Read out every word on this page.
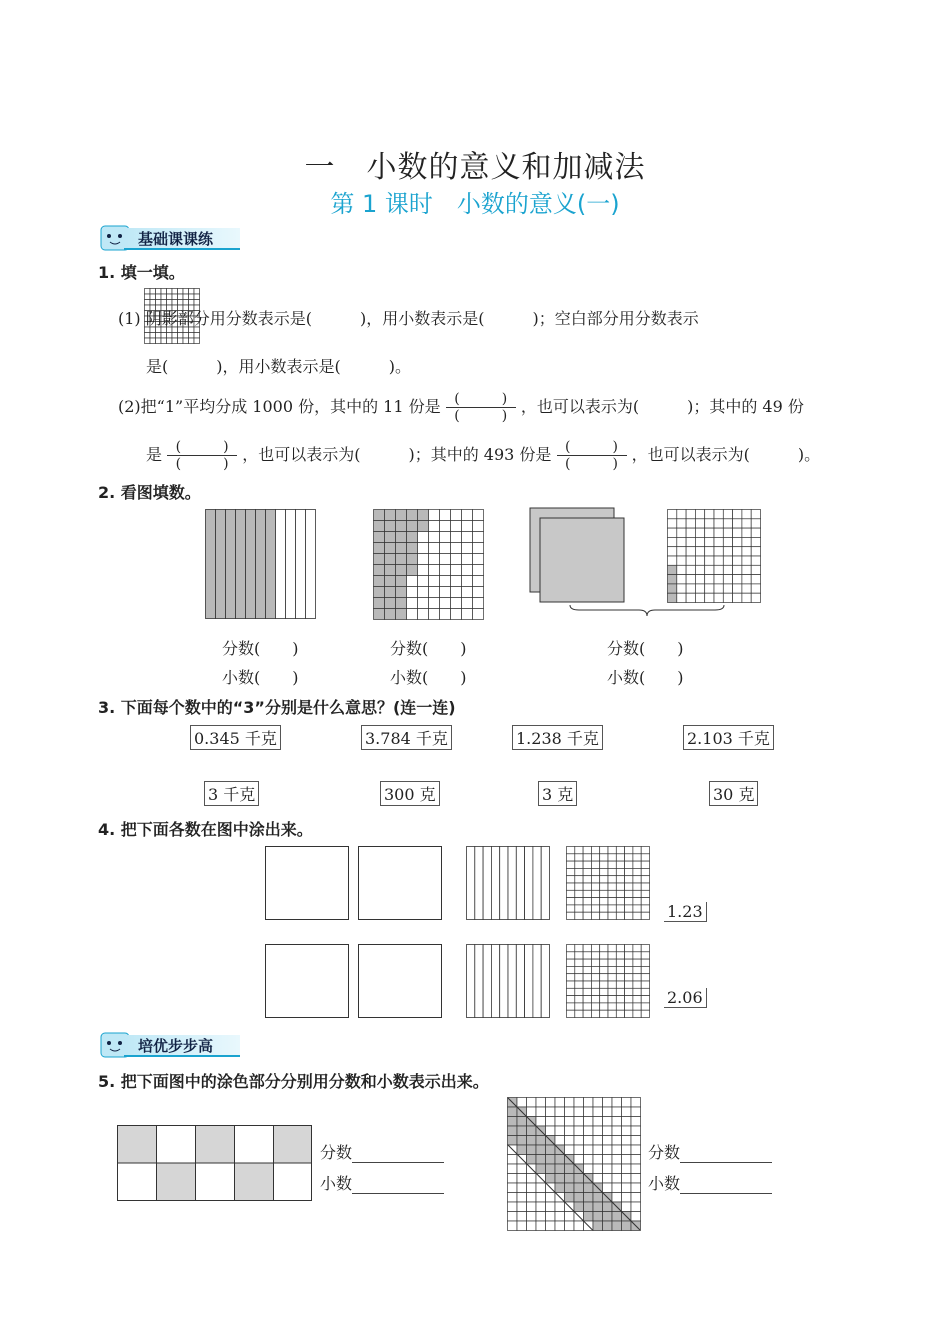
一　小数的意义和加减法
第 1 课时　小数的意义(一)
基础课课练
1. 填一填。
(1) 阴影部分用分数表示是(　　　)，用小数表示是(　　　)；空白部分用分数表示
是(　　　)，用小数表示是(　　　)。
(2)把“1”平均分成 1000 份，其中的 11 份是 $\frac{( )}{( )}$ ，也可以表示为(　　　)；其中的 49 份
是 $\frac{( )}{( )}$ ，也可以表示为(　　　)；其中的 493 份是 $\frac{( )}{( )}$ ，也可以表示为(　　　)。
2. 看图填数。
分数(　　)
小数(　　)
分数(　　)
小数(　　)
分数(　　)
小数(　　)
3. 下面每个数中的“3”分别是什么意思？(连一连)
0.345 千克	3.784 千克	1.238 千克	2.103 千克
3 千克	300 克	3 克	30 克
4. 把下面各数在图中涂出来。
1.23
2.06
培优步步高
5. 把下面图中的涂色部分分别用分数和小数表示出来。
分数
小数
分数
小数
